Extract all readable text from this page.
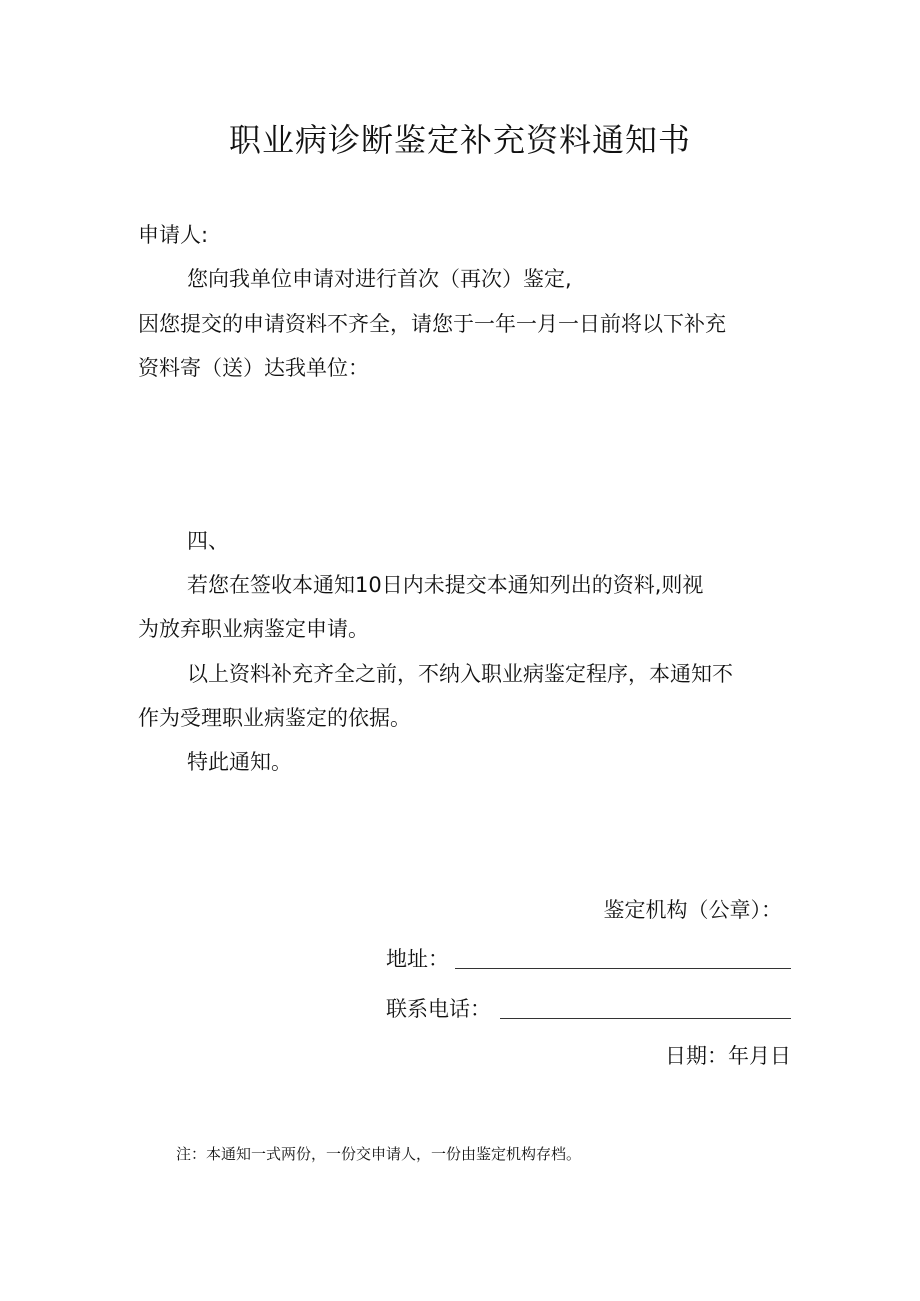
职业病诊断鉴定补充资料通知书
申请人:
您向我单位申请对进行首次（再次）鉴定,
因您提交的申请资料不齐全，请您于一年一月一日前将以下补充
资料寄（送）达我单位：
四、
若您在签收本通知10日内未提交本通知列出的资料,则视
为放弃职业病鉴定申请。
以上资料补充齐全之前，不纳入职业病鉴定程序，本通知不
作为受理职业病鉴定的依据。
特此通知。
鉴定机构（公章）：
地址：
联系电话：
日期：年月日
注：本通知一式两份，一份交申请人，一份由鉴定机构存档。
